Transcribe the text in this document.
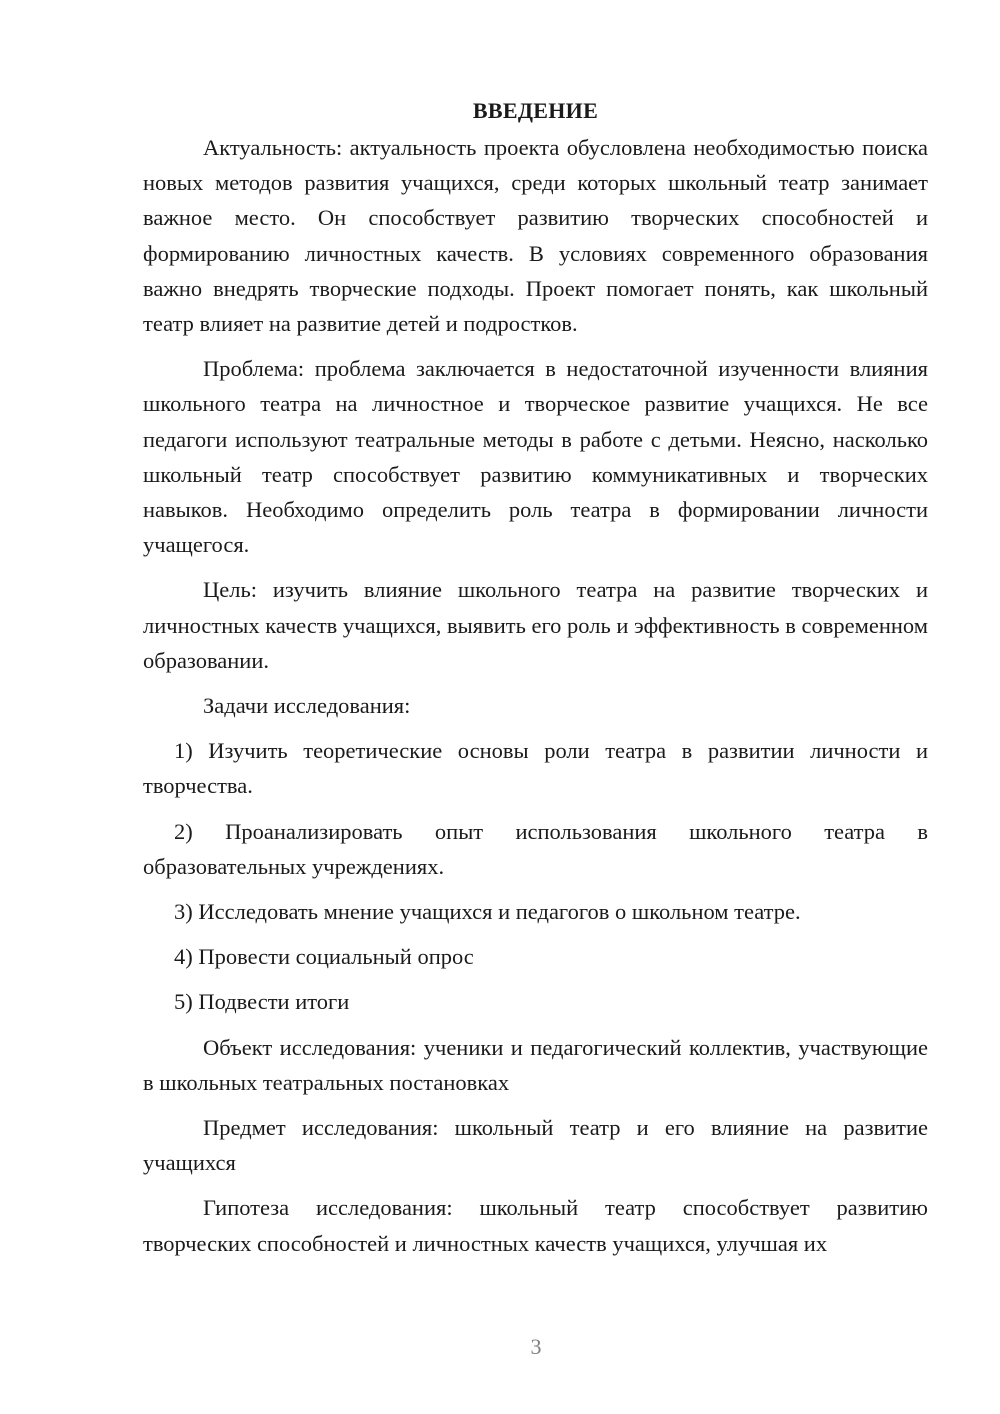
ВВЕДЕНИЕ

Актуальность: актуальность проекта обусловлена необходимостью поиска новых методов развития учащихся, среди которых школьный театр занимает важное место. Он способствует развитию творческих способностей и формированию личностных качеств. В условиях современного образования важно внедрять творческие подходы. Проект помогает понять, как школьный театр влияет на развитие детей и подростков.

Проблема: проблема заключается в недостаточной изученности влияния школьного театра на личностное и творческое развитие учащихся. Не все педагоги используют театральные методы в работе с детьми. Неясно, насколько школьный театр способствует развитию коммуникативных и творческих навыков. Необходимо определить роль театра в формировании личности учащегося.

Цель: изучить влияние школьного театра на развитие творческих и личностных качеств учащихся, выявить его роль и эффективность в современном образовании.

Задачи исследования:

1) Изучить теоретические основы роли театра в развитии личности и творчества.

2) Проанализировать опыт использования школьного театра в образовательных учреждениях.

3) Исследовать мнение учащихся и педагогов о школьном театре.

4) Провести социальный опрос

5) Подвести итоги

Объект исследования: ученики и педагогический коллектив, участвующие в школьных театральных постановках

Предмет исследования: школьный театр и его влияние на развитие учащихся

Гипотеза исследования: школьный театр способствует развитию творческих способностей и личностных качеств учащихся, улучшая их

3
